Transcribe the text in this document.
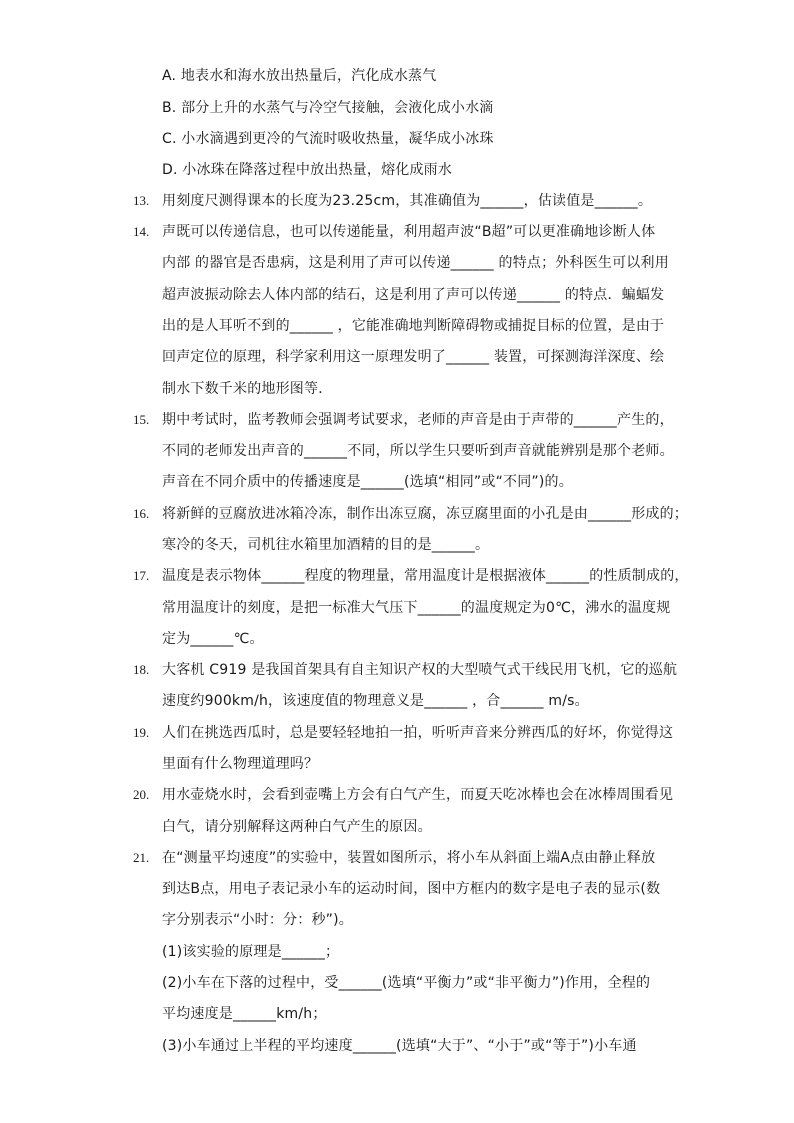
A. 地表水和海水放出热量后，汽化成水蒸气
B. 部分上升的水蒸气与冷空气接触，会液化成小水滴
C. 小水滴遇到更冷的气流时吸收热量，凝华成小冰珠
D. 小冰珠在降落过程中放出热量，熔化成雨水
13. 用刻度尺测得课本的长度为23.25cm，其准确值为______，估读值是______。
14. 声既可以传递信息，也可以传递能量，利用超声波“B超”可以更准确地诊断人体
内部 的器官是否患病，这是利用了声可以传递______ 的特点；外科医生可以利用
超声波振动除去人体内部的结石，这是利用了声可以传递______ 的特点．蝙蝠发
出的是人耳听不到的______ ，它能准确地判断障碍物或捕捉目标的位置，是由于
回声定位的原理，科学家利用这一原理发明了______ 装置，可探测海洋深度、绘
制水下数千米的地形图等．
15. 期中考试时，监考教师会强调考试要求，老师的声音是由于声带的______产生的，
不同的老师发出声音的______不同，所以学生只要听到声音就能辨别是那个老师。
声音在不同介质中的传播速度是______(选填“相同”或“不同”)的。
16. 将新鲜的豆腐放进冰箱冷冻，制作出冻豆腐，冻豆腐里面的小孔是由______形成的；
寒冷的冬天，司机往水箱里加酒精的目的是______。
17. 温度是表示物体______程度的物理量，常用温度计是根据液体______的性质制成的，
常用温度计的刻度，是把一标准大气压下______的温度规定为0℃，沸水的温度规
定为______℃。
18. 大客机 C919 是我国首架具有自主知识产权的大型喷气式干线民用飞机，它的巡航
速度约900km/h，该速度值的物理意义是______ ，合______ m/s。
19. 人们在挑选西瓜时，总是要轻轻地拍一拍，听听声音来分辨西瓜的好坏，你觉得这
里面有什么物理道理吗？
20. 用水壶烧水时，会看到壶嘴上方会有白气产生，而夏天吃冰棒也会在冰棒周围看见
白气，请分别解释这两种白气产生的原因。
21. 在“测量平均速度”的实验中，装置如图所示，将小车从斜面上端A点由静止释放
到达B点，用电子表记录小车的运动时间，图中方框内的数字是电子表的显示(数
字分别表示“小时：分：秒”)。
(1)该实验的原理是______；
(2)小车在下落的过程中，受______(选填“平衡力”或“非平衡力”)作用，全程的
平均速度是______km/h；
(3)小车通过上半程的平均速度______(选填“大于”、“小于”或“等于”)小车通
